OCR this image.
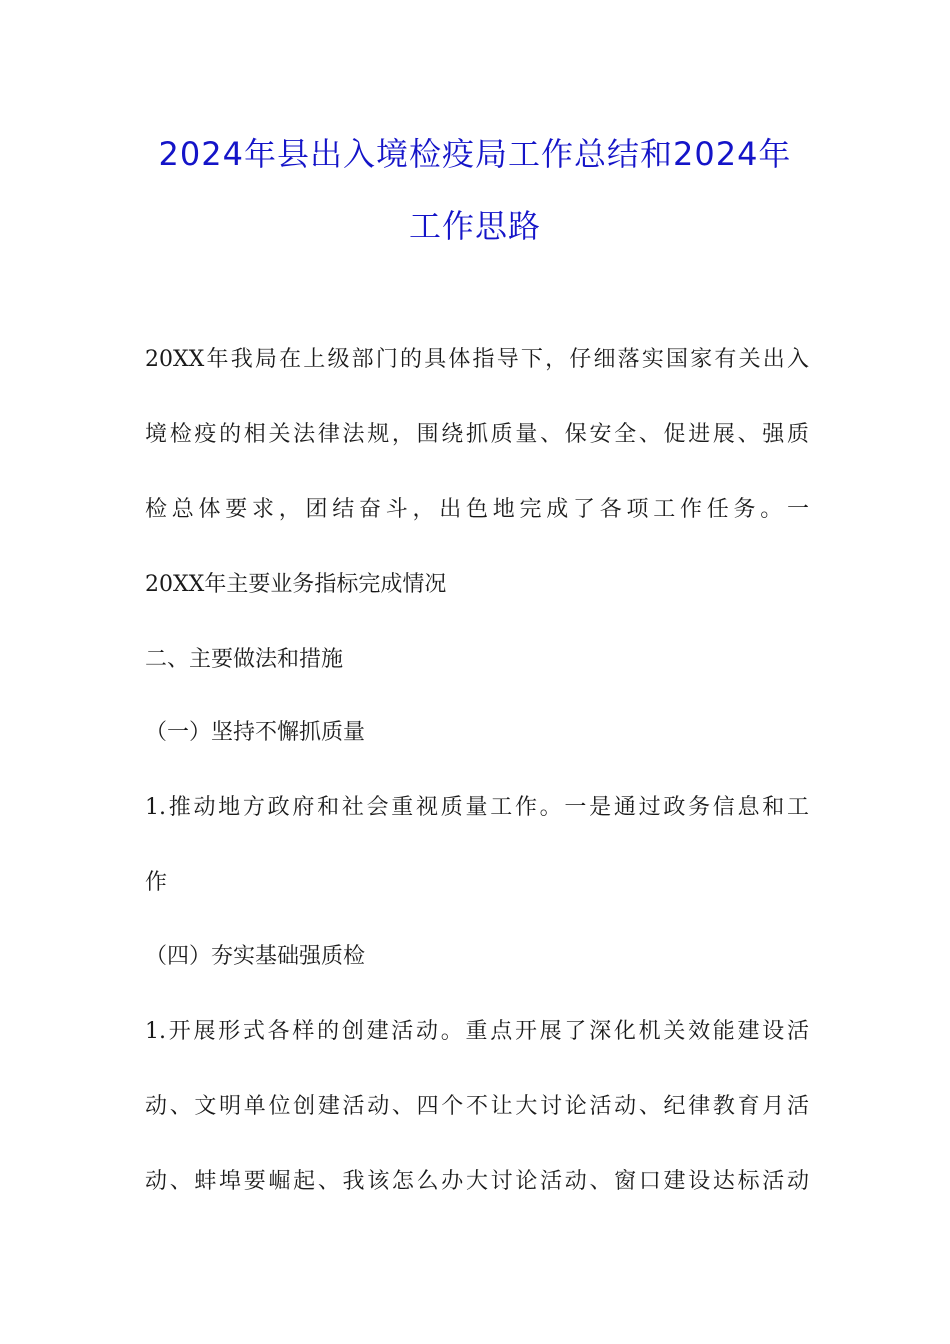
2024年县出入境检疫局工作总结和2024年
工作思路
20XX年我局在上级部门的具体指导下，仔细落实国家有关出入
境检疫的相关法律法规，围绕抓质量、保安全、促进展、强质
检总体要求，团结奋斗，出色地完成了各项工作任务。一
20XX年主要业务指标完成情况
二、主要做法和措施
（一）坚持不懈抓质量
1.推动地方政府和社会重视质量工作。一是通过政务信息和工
作
（四）夯实基础强质检
1.开展形式各样的创建活动。重点开展了深化机关效能建设活
动、文明单位创建活动、四个不让大讨论活动、纪律教育月活
动、蚌埠要崛起、我该怎么办大讨论活动、窗口建设达标活动
